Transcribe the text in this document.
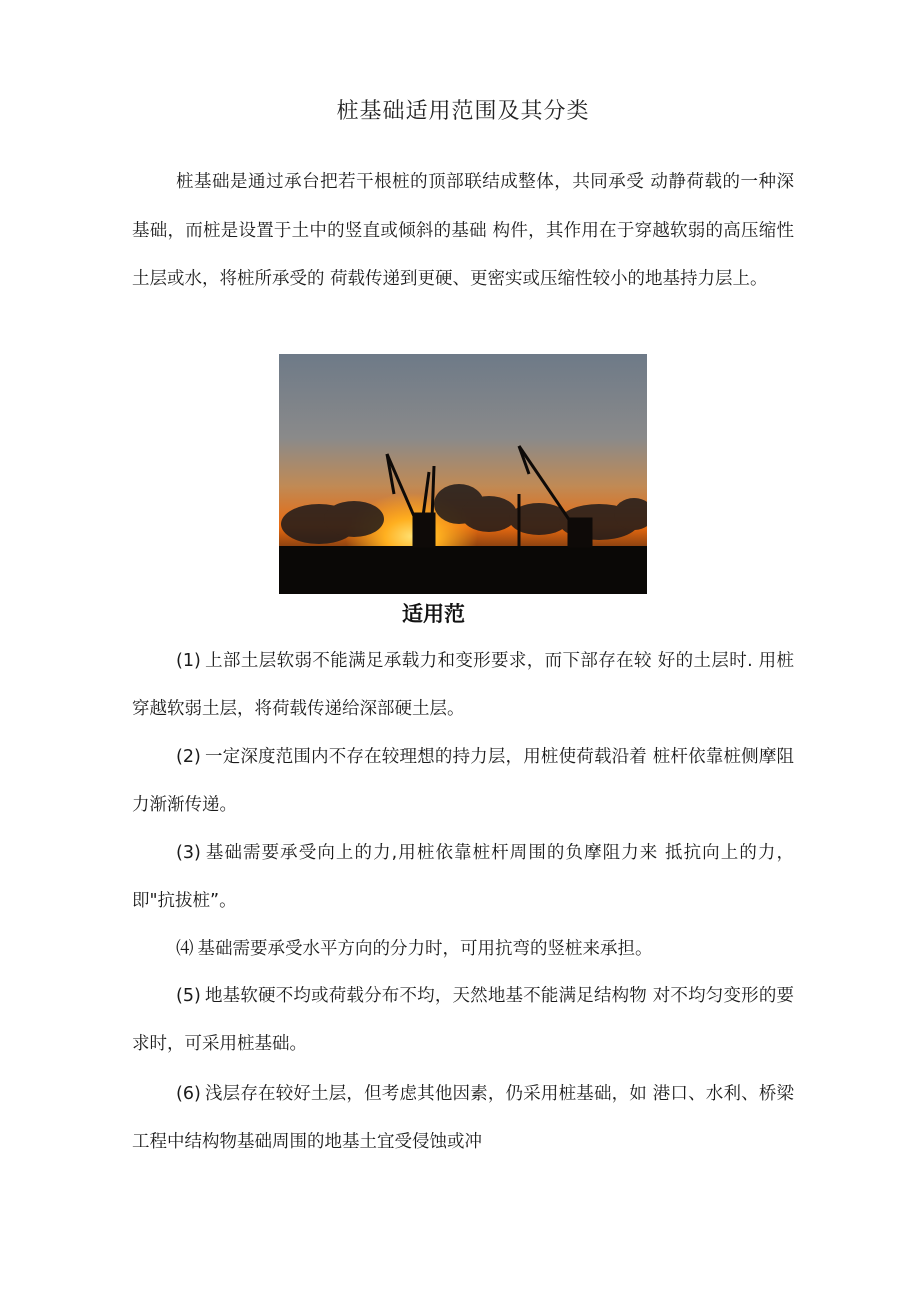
桩基础适用范围及其分类

桩基础是通过承台把若干根桩的顶部联结成整体，共同承受 动静荷载的一种深基础，而桩是设置于土中的竖直或倾斜的基础 构件，其作用在于穿越软弱的高压缩性土层或水，将桩所承受的 荷载传递到更硬、更密实或压缩性较小的地基持力层上。

适用范

(1) 上部土层软弱不能满足承载力和变形要求，而下部存在较 好的土层时. 用桩穿越软弱土层，将荷载传递给深部硬土层。

(2) 一定深度范围内不存在较理想的持力层，用桩使荷载沿着 桩杆依靠桩侧摩阻力渐渐传递。

(3) 基础需要承受向上的力,用桩依靠桩杆周围的负摩阻力来 抵抗向上的力，即"抗拔桩”。

⑷ 基础需要承受水平方向的分力时，可用抗弯的竖桩来承担。

(5) 地基软硬不均或荷载分布不均，天然地基不能满足结构物 对不均匀变形的要求时，可采用桩基础。

(6) 浅层存在较好土层，但考虑其他因素，仍采用桩基础，如 港口、水利、桥梁工程中结构物基础周围的地基土宜受侵蚀或冲
